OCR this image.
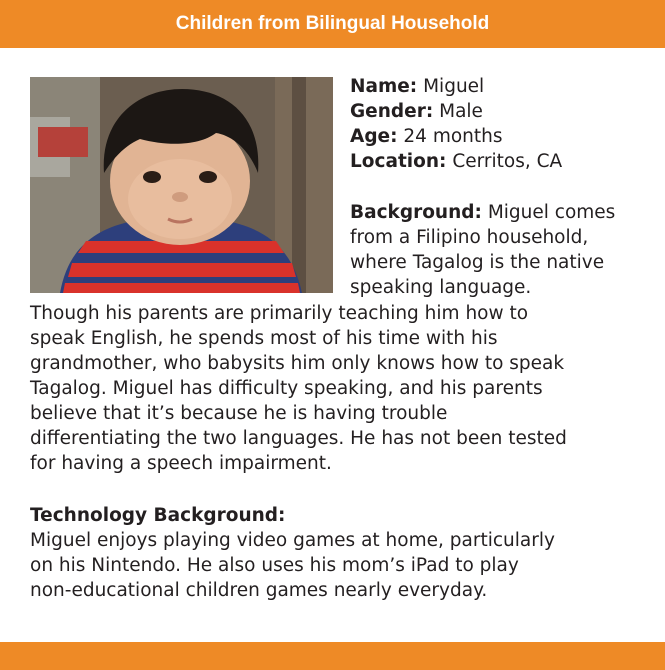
Children from Bilingual Household
Name: Miguel
Gender: Male
Age: 24 months
Location: Cerritos, CA
Background: Miguel comes
from a Filipino household,
where Tagalog is the native
speaking language.
Though his parents are primarily teaching him how to
speak English, he spends most of his time with his
grandmother, who babysits him only knows how to speak
Tagalog. Miguel has difficulty speaking, and his parents
believe that it’s because he is having trouble
differentiating the two languages. He has not been tested
for having a speech impairment.
Technology Background:
Miguel enjoys playing video games at home, particularly
on his Nintendo. He also uses his mom’s iPad to play
non-educational children games nearly everyday.
